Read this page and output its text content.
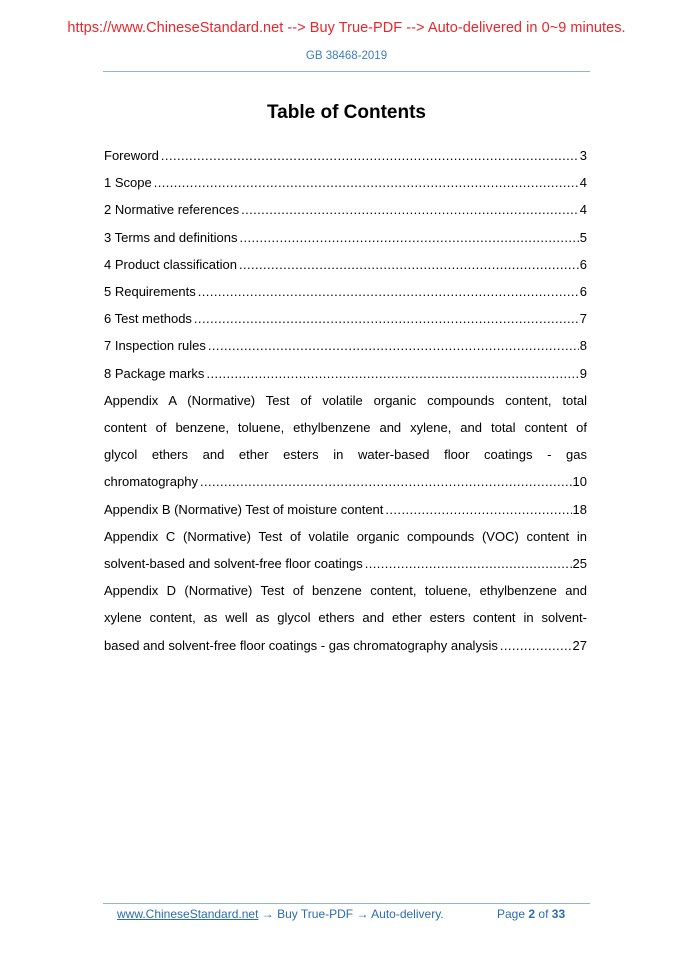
https://www.ChineseStandard.net --> Buy True-PDF --> Auto-delivered in 0~9 minutes.
GB 38468-2019
Table of Contents
Foreword .....	3
1 Scope .....	4
2 Normative references .....	4
3 Terms and definitions .....	5
4 Product classification .....	6
5 Requirements .....	6
6 Test methods .....	7
7 Inspection rules .....	8
8 Package marks .....	9
Appendix A (Normative) Test of volatile organic compounds content, total
content of benzene, toluene, ethylbenzene and xylene, and total content of
glycol ethers and ether esters in water-based floor coatings - gas
chromatography .....	10
Appendix B (Normative) Test of moisture content .....	18
Appendix C (Normative) Test of volatile organic compounds (VOC) content in
solvent-based and solvent-free floor coatings .....	25
Appendix D (Normative) Test of benzene content, toluene, ethylbenzene and
xylene content, as well as glycol ethers and ether esters content in solvent-
based and solvent-free floor coatings - gas chromatography analysis .....	27
www.ChineseStandard.net → Buy True-PDF → Auto-delivery.	Page 2 of 33
